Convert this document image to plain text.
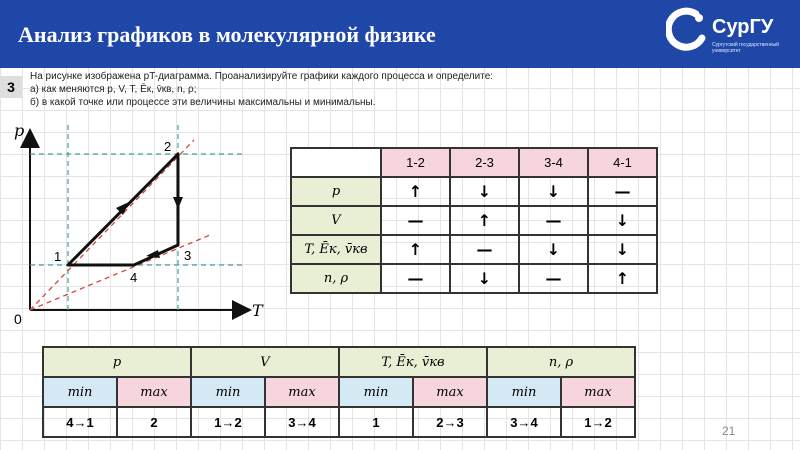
Анализ графиков в молекулярной физике	СурГУ
Сургутский государственный университет
3
На рисунке изображена pT-диаграмма. Проанализируйте графики каждого процесса и определите:
а) как меняются p, V, T, Ēк, v̄кв, n, ρ;
б) в какой точке или процессе эти величины максимальны и минимальны.
p
T
0
1
2
3
4
	1-2	2-3	3-4	4-1
p	↑	↓	↓	—
V	—	↑	—	↓
T, Ēк, v̄кв	↑	—	↓	↓
n, ρ	—	↓	—	↑
p		V		T, Ēк, v̄кв		n, ρ	
min	max	min	max	min	max	min	max
4→1	2	1→2	3→4	1	2→3	3→4	1→2
21
